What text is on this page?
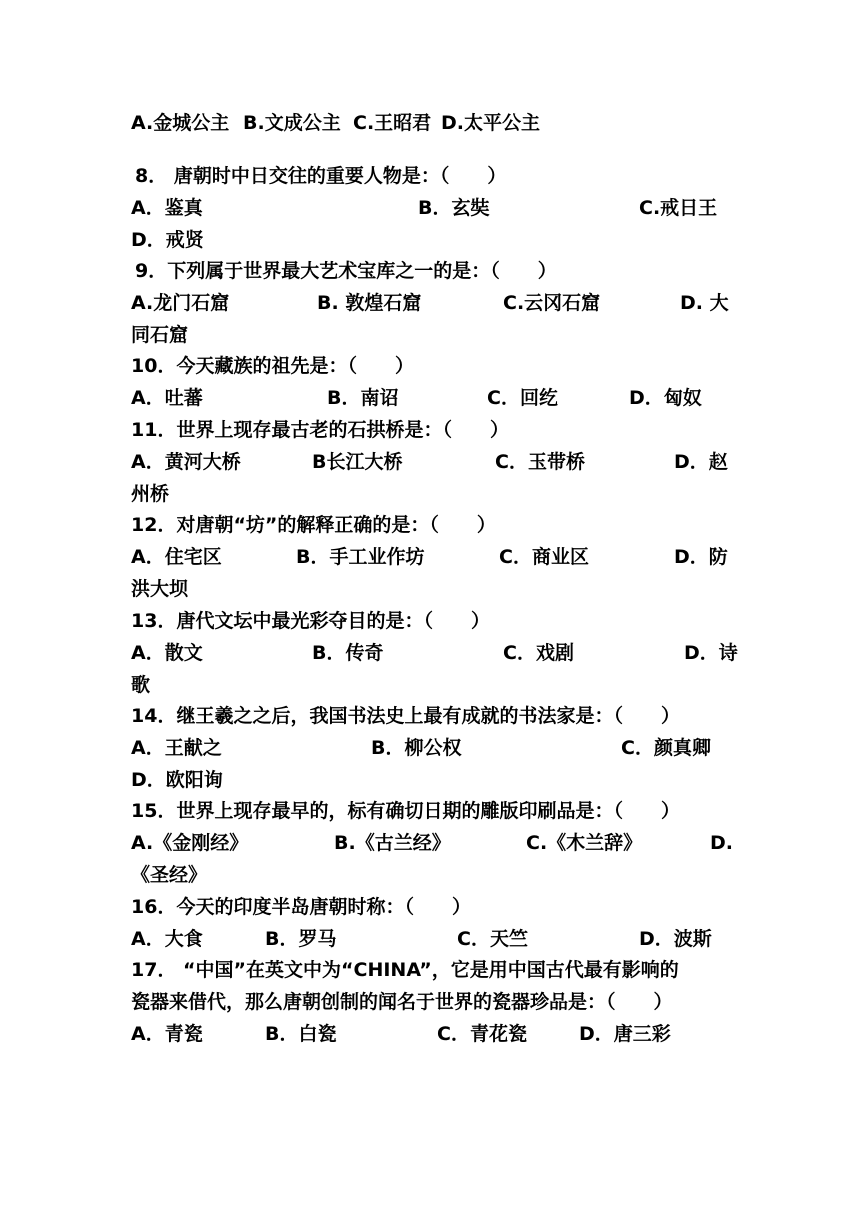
A.金城公主 B.文成公主 C.王昭君 D.太平公主
8． 唐朝时中日交往的重要人物是：（　　）
A．鉴真	B．玄奘	C.戒日王
D．戒贤
9．下列属于世界最大艺术宝库之一的是：（　　）
A.龙门石窟	B. 敦煌石窟	C.云冈石窟	D. 大
同石窟
10．今天藏族的祖先是：（　　）
A．吐蕃	B．南诏	C．回纥	D．匈奴
11．世界上现存最古老的石拱桥是：（　　）
A．黄河大桥	B长江大桥	C．玉带桥	D．赵
州桥
12．对唐朝“坊”的解释正确的是：（　　）
A．住宅区	B．手工业作坊	C．商业区	D．防
洪大坝
13．唐代文坛中最光彩夺目的是：（　　）
A．散文	B．传奇	C．戏剧	D．诗
歌
14．继王羲之之后，我国书法史上最有成就的书法家是：（　　）
A．王献之	B．柳公权	C．颜真卿
D．欧阳询
15．世界上现存最早的，标有确切日期的雕版印刷品是：（　　）
A.《金刚经》	B.《古兰经》	C.《木兰辞》	D.
《圣经》
16．今天的印度半岛唐朝时称：（　　）
A．大食	B．罗马	C．天竺	D．波斯
17． “中国”在英文中为“CHINA”，它是用中国古代最有影响的
瓷器来借代，那么唐朝创制的闻名于世界的瓷器珍品是：（　　）
A．青瓷	B．白瓷	C．青花瓷	D．唐三彩
